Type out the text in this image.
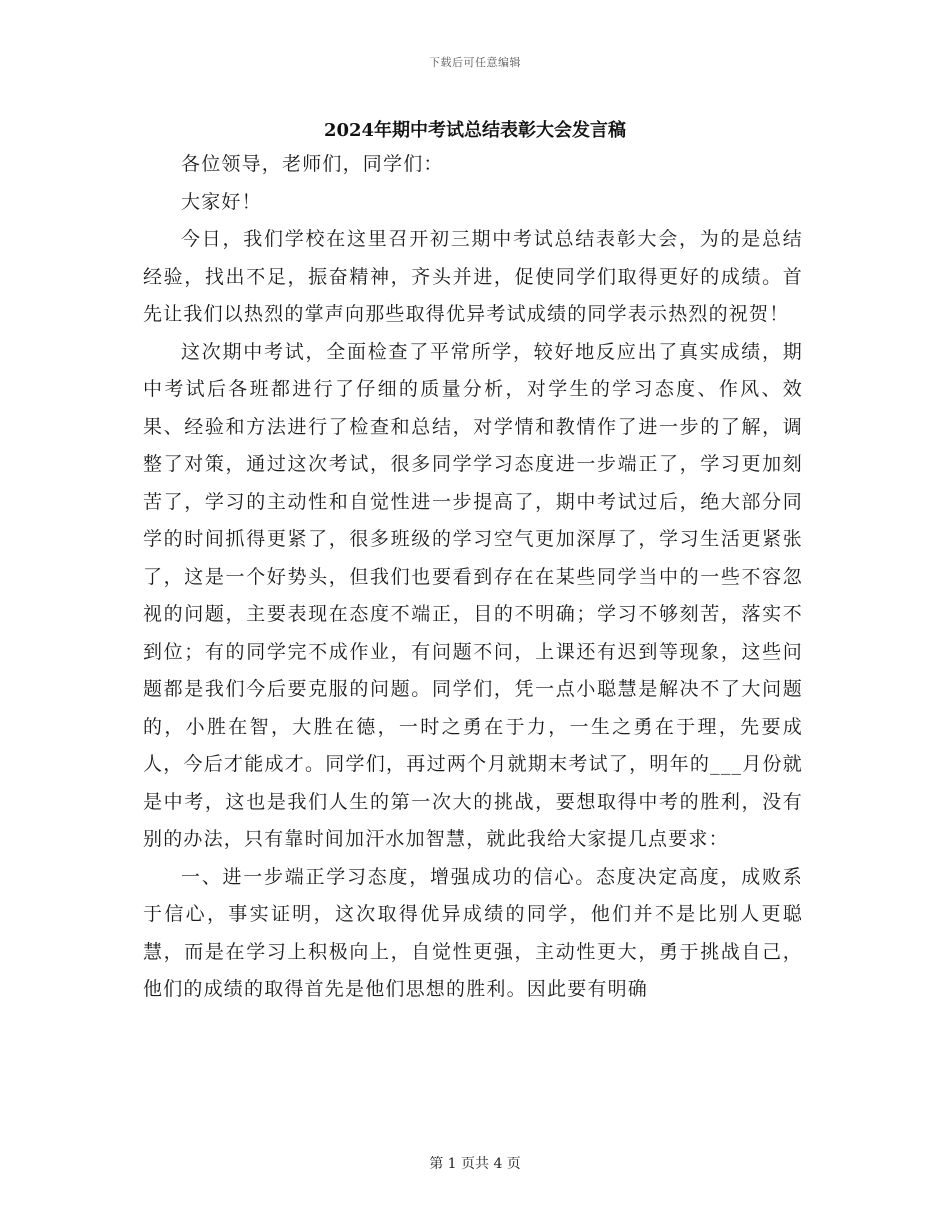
下载后可任意编辑
2024年期中考试总结表彰大会发言稿

各位领导，老师们，同学们：

大家好！

今日，我们学校在这里召开初三期中考试总结表彰大会，为的是总结经验，找出不足，振奋精神，齐头并进，促使同学们取得更好的成绩。首先让我们以热烈的掌声向那些取得优异考试成绩的同学表示热烈的祝贺！

这次期中考试，全面检查了平常所学，较好地反应出了真实成绩，期中考试后各班都进行了仔细的质量分析，对学生的学习态度、作风、效果、经验和方法进行了检查和总结，对学情和教情作了进一步的了解，调整了对策，通过这次考试，很多同学学习态度进一步端正了，学习更加刻苦了，学习的主动性和自觉性进一步提高了，期中考试过后，绝大部分同学的时间抓得更紧了，很多班级的学习空气更加深厚了，学习生活更紧张了，这是一个好势头，但我们也要看到存在在某些同学当中的一些不容忽视的问题，主要表现在态度不端正，目的不明确；学习不够刻苦，落实不到位；有的同学完不成作业，有问题不问，上课还有迟到等现象，这些问题都是我们今后要克服的问题。同学们，凭一点小聪慧是解决不了大问题的，小胜在智，大胜在德，一时之勇在于力，一生之勇在于理，先要成人，今后才能成才。同学们，再过两个月就期末考试了，明年的___月份就是中考，这也是我们人生的第一次大的挑战，要想取得中考的胜利，没有别的办法，只有靠时间加汗水加智慧，就此我给大家提几点要求：

一、进一步端正学习态度，增强成功的信心。态度决定高度，成败系于信心，事实证明，这次取得优异成绩的同学，他们并不是比别人更聪慧，而是在学习上积极向上，自觉性更强，主动性更大，勇于挑战自己，他们的成绩的取得首先是他们思想的胜利。因此要有明确

第 1 页共 4 页
